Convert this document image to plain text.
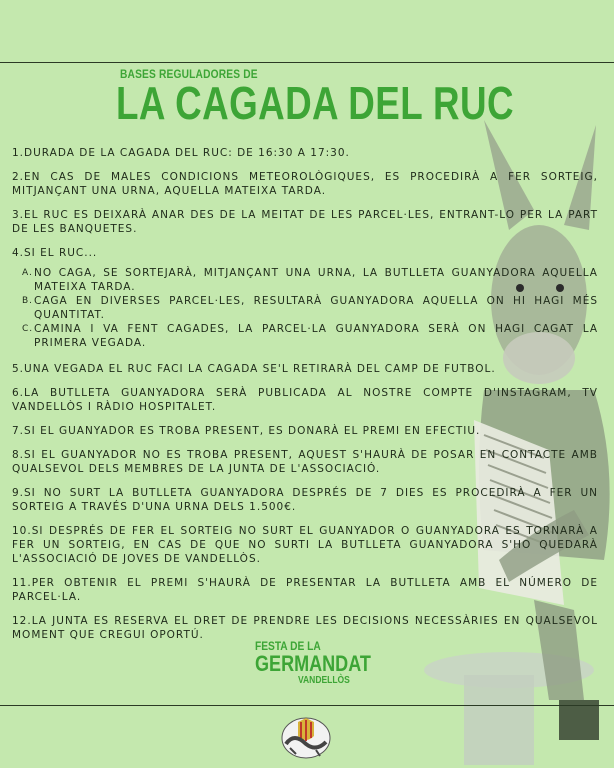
BASES REGULADORES DE
LA CAGADA DEL RUC

1.DURADA DE LA CAGADA DEL RUC: DE 16:30 A 17:30.

2.EN CAS DE MALES CONDICIONS METEOROLÒGIQUES, ES PROCEDIRÀ A FER SORTEIG, MITJANÇANT UNA URNA, AQUELLA MATEIXA TARDA.

3.EL RUC ES DEIXARÀ ANAR DES DE LA MEITAT DE LES PARCEL·LES, ENTRANT-LO PER LA PART DE LES BANQUETES.

4.SI EL RUC...

A. NO CAGA, SE SORTEJARÀ, MITJANÇANT UNA URNA, LA BUTLLETA GUANYADORA AQUELLA MATEIXA TARDA.

B. CAGA EN DIVERSES PARCEL·LES, RESULTARÀ GUANYADORA AQUELLA ON HI HAGI MÉS QUANTITAT.

C. CAMINA I VA FENT CAGADES, LA PARCEL·LA GUANYADORA SERÀ ON HAGI CAGAT LA PRIMERA VEGADA.

5.UNA VEGADA EL RUC FACI LA CAGADA SE'L RETIRARÀ DEL CAMP DE FUTBOL.

6.LA BUTLLETA GUANYADORA SERÀ PUBLICADA AL NOSTRE COMPTE D'INSTAGRAM, TV VANDELLÒS I RÀDIO HOSPITALET.

7.SI EL GUANYADOR ES TROBA PRESENT, ES DONARÀ EL PREMI EN EFECTIU.

8.SI EL GUANYADOR NO ES TROBA PRESENT, AQUEST S'HAURÀ DE POSAR EN CONTACTE AMB QUALSEVOL DELS MEMBRES DE LA JUNTA DE L'ASSOCIACIÓ.

9.SI NO SURT LA BUTLLETA GUANYADORA DESPRÉS DE 7 DIES ES PROCEDIRÀ A FER UN SORTEIG A TRAVÉS D'UNA URNA DELS 1.500€.

10.SI DESPRÉS DE FER EL SORTEIG NO SURT EL GUANYADOR O GUANYADORA ES TORNARÀ A FER UN SORTEIG, EN CAS DE QUE NO SURTI LA BUTLLETA GUANYADORA S'HO QUEDARÀ L'ASSOCIACIÓ DE JOVES DE VANDELLÒS.

11.PER OBTENIR EL PREMI S'HAURÀ DE PRESENTAR LA BUTLLETA AMB EL NÚMERO DE PARCEL·LA.

12.LA JUNTA ES RESERVA EL DRET DE PRENDRE LES DECISIONS NECESSÀRIES EN QUALSEVOL MOMENT QUE CREGUI OPORTÚ.

FESTA DE LA
GERMANDAT
VANDELLÒS
